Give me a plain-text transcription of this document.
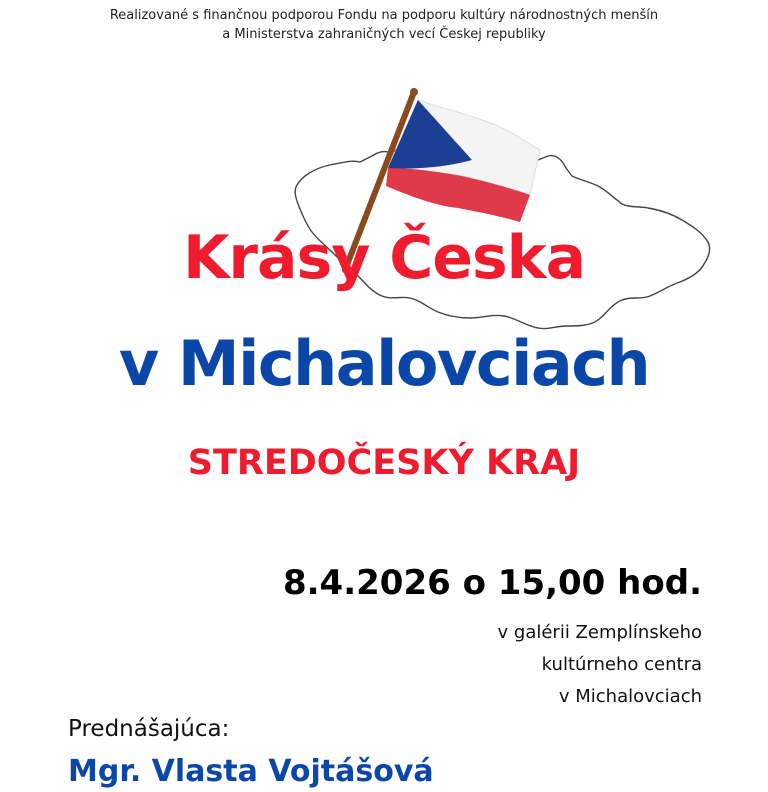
Realizované s finančnou podporou Fondu na podporu kultúry národnostných menšín
a Ministerstva zahraničných vecí Českej republiky
Krásy Česka
v Michalovciach
STREDOČESKÝ KRAJ
8.4.2026 o 15,00 hod.
v galérii Zemplínskeho
kultúrneho centra
v Michalovciach
Prednášajúca:
Mgr. Vlasta Vojtášová
